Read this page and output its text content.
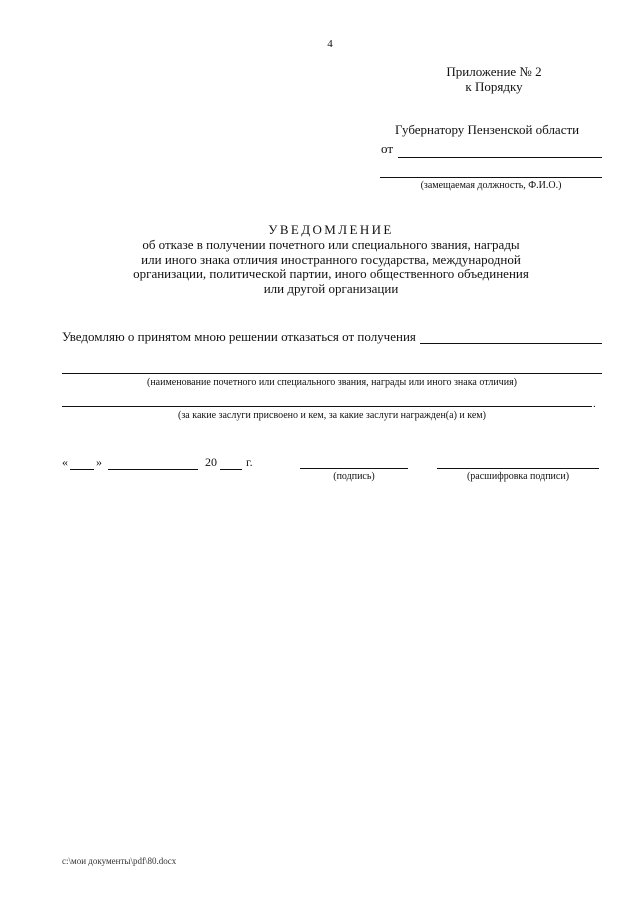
4
Приложение № 2
к Порядку
Губернатору Пензенской области
от
(замещаемая должность, Ф.И.О.)
УВЕДОМЛЕНИЕ
об отказе в получении почетного или специального звания, награды
или иного знака отличия иностранного государства, международной
организации, политической партии, иного общественного объединения
или другой организации
Уведомляю о принятом мною решении отказаться от получения
(наименование почетного или специального звания, награды или иного знака отличия)
.
(за какие заслуги присвоено и кем, за какие заслуги награжден(а) и кем)
« »	20 г.
(подпись)	(расшифровка подписи)
c:\мои документы\pdf\80.docx
